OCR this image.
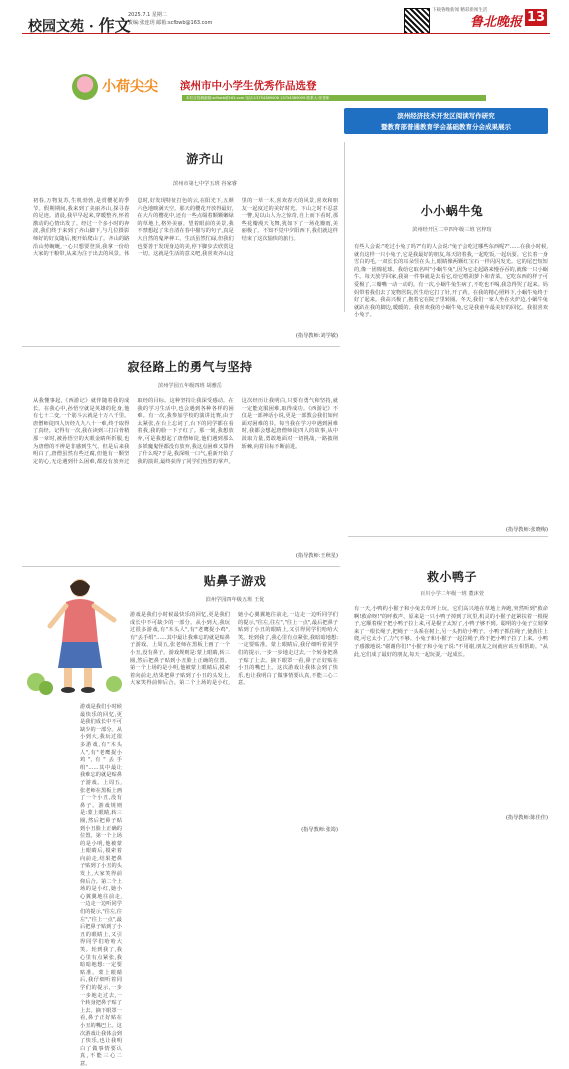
校园文苑 · 作文
2025.7.1 星期二
责编:张连玥 邮箱:scfbwb@163.com
下载鲁晚新闻 精彩新闻生活
鲁北晚报 13
小荷尖尖 滨州市中小学生优秀作品选登
本栏目投稿邮箱:scfbwb@163.com 电话:13754389008 13754389009 联系人:张老师
滨州经济技术开发区阅读写作研究
暨教育部普通教育学会基础教育分会成果展示
游齐山
滨州市第七中学五班 谷家睿
初春,万物复苏,生机勃勃,是赏樱花的季节。假期期间,我来到了美丽齐山,探寻春的足迹。清晨,我早早起来,穿暖整齐,怀着激动的心情出发了。经过一个多小时的奔波,我们终于来到了齐山脚下,与几位摄影师好的好友随后,便开始爬山了。齐山的路沿山势蜿蜒,一心只想要登顶,我拿一份给大家的干粮带,从来为注于出去的风景。休息时,好发现特征打色的云,在阳光下,五颜六色地映满天空。那天的樱花开放得最好,在大片的樱花中,还有一些点缀着颗颗嫩绿的草地上,格外美丽。望着眼前的美景,我不禁想起了朱自清在春中描写的句子,真是大自然的鬼斧神工。生活虽然忙碌,但我们也要善于发现身边的美,停下脚步去欣赏这一切。这就是生活的意义吧,我喜欢齐山这里的一草一木,喜欢春天的风景,喜欢和朋友一起度过的美好时光。下山之时不忍意一瞥,见以山人为之惊奇,自上而下看时,那些花瓣漫天飞舞,犹如下了一场花瓣雨,美丽极了。不知不觉中夕阳西下,我们就这样结束了这次愉快的旅行。
(指导教师:刘学敏)
小小蜗牛兔
滨州经开区二中四年级三班 宫梓瑄
有些人会说:"吃过小兔了吗?"有的人会说:"兔子会吃过哪些东西呢?"……在我小时候,就有这样一只小兔子,它是我最好的朋友,每天陪着我,一起吃饭,一起玩耍。它长着一身雪白的毛,一双长长的耳朵竖在头上,眼睛像两颗红宝石一样闪闪发光。它的尾巴短短的,像一团棉花球。我给它取名叫"小蜗牛兔",因为它走起路来慢吞吞的,就像一只小蜗牛。每天放学回家,我第一件事就是去看它,给它喂胡萝卜和青菜。它吃东西的样子可爱极了,三瓣嘴一动一动的。有一次,小蜗牛兔生病了,不吃也不喝,我急得哭了起来。妈妈带着我们去了宠物医院,医生给它打了针,开了药。在我的精心照料下,小蜗牛兔终于好了起来。我高兴极了,抱着它在院子里转圈。冬天,我们一家人坐在火炉边,小蜗牛兔就趴在我的脚边,暖暖的。我喜欢我的小蜗牛兔,它是我童年最美好的回忆。我很喜欢小兔子。
(指导教师:张晓梅)
寂径路上的勇气与坚持
滨州学园五年级四班 胡雅岳
从我懂事起,《西游记》就伴随着我的成长。在我心中,孙悟空就是英雄的化身,他有七十二变,一个筋斗云就是十万八千里。唐僧师徒四人历经九九八十一难,终于取得了真经。记得有一次,我在读到三打白骨精那一章时,被孙悟空的火眼金睛所折服,也为唐僧的不辨是非感到生气。但是后来我明白了,唐僧虽然有些迂腐,但他有一颗坚定的心,无论遇到什么困难,都没有放弃过取经的目标。这种坚持让我深受感动。在我的学习生活中,也会遇到各种各样的困难。有一次,我参加学校的演讲比赛,由于太紧张,在台上忘词了,台下的同学都在看着我,我的脸一下子红了。那一刻,我想放弃,可是我想起了唐僧师徒,他们遇到那么多妖魔鬼怪都没有放弃,我这点困难又算得了什么呢?于是,我深吸一口气,重新开始了我的演讲,最终获得了同学们热烈的掌声。这次经历让我明白,只要有勇气和坚持,就一定能克服困难,取得成功。《西游记》不仅是一部神话小说,更是一部教会我们如何面对困难的书。每当我在学习中遇到困难时,我都会想起唐僧师徒四人的故事,从中汲取力量,勇敢地面对一切挑战,一路披荆斩棘,向着目标不断前进。
(指导教师:王秋星)
救小鸭子
百川小学二年级一班 董沐萱
有一天,小鸭约小猴子和小兔去草坪上玩。它们高兴地在草地上奔跑,突然听到"救命啊!救命呀!"的呼救声。原来是一只小鸭子掉到了坑里,机灵的小猴子赶紧扶着一根棍子,它顺着棍子把小鸭子拉上来,可是棍子太短了,小鸭子够不到。聪明的小兔子立刻拿来了一根长绳子,把绳子一头系在树上,另一头扔给小鸭子。小鸭子抓住绳子,使劲往上爬,可它太小了,力气不够。小兔子和小猴子一起拉绳子,终于把小鸭子拉了上来。小鸭子感激地说:"谢谢你们!"小猴子和小兔子说:"不用谢,朋友之间就应该互相帮助。"从此,它们成了最好的朋友,每天一起玩耍,一起成长。
(指导教师:陈佳佳)
贴鼻子游戏
滨州学园四年级五班 王优
游戏是我们小时候最快乐的回忆,更是我们成长中不可缺少的一部分。从小到大,我玩过很多游戏,有"木头人",有"老鹰捉小鸡",有"丢手绢"……其中最让我难忘的就是贴鼻子游戏。上周五,张老师在黑板上画了一个小丑,没有鼻子。游戏规则是:蒙上眼睛,转三圈,然后把鼻子贴到小丑脸上正确的位置。第一个上场的是小明,他被蒙上眼睛后,摸索着向前走,结果把鼻子贴到了小丑的头发上,大家笑得前仰后合。第二个上场的是小红,她小心翼翼地往前走,一边走一边听同学们的提示,"往左,往左","往上一点",最后把鼻子贴到了小丑的眼睛上,又引得同学们哈哈大笑。轮到我了,我心里有点紧张,我暗暗地想:一定要贴准。蒙上眼睛后,我仔细听着同学们的提示,一步一步地走过去,一个转身把鼻子贴了上去。摘下眼罩一看,鼻子正好贴在小丑的嘴巴上。这次游戏让我体会到了快乐,也让我明白了做事情要认真,不能三心二意。
游戏是我们小时候最快乐的回忆,更是我们成长中不可缺少的一部分。从小到大,我玩过很多游戏,有"木头人",有"老鹰捉小鸡",有"丢手绢"……其中最让我难忘的就是贴鼻子游戏。上周五,张老师在黑板上画了一个小丑,没有鼻子。游戏规则是:蒙上眼睛,转三圈,然后把鼻子贴到小丑脸上正确的位置。第一个上场的是小明,他被蒙上眼睛后,摸索着向前走,结果把鼻子贴到了小丑的头发上,大家笑得前仰后合。第二个上场的是小红,她小心翼翼地往前走,一边走一边听同学们的提示,"往左,往左","往上一点",最后把鼻子贴到了小丑的眼睛上,又引得同学们哈哈大笑。轮到我了,我心里有点紧张,我暗暗地想:一定要贴准。蒙上眼睛后,我仔细听着同学们的提示,一步一步地走过去,一个转身把鼻子贴了上去。摘下眼罩一看,鼻子正好贴在小丑的嘴巴上。这次游戏让我体会到了快乐,也让我明白了做事情要认真,不能三心二意。
(指导教师:张筠)
